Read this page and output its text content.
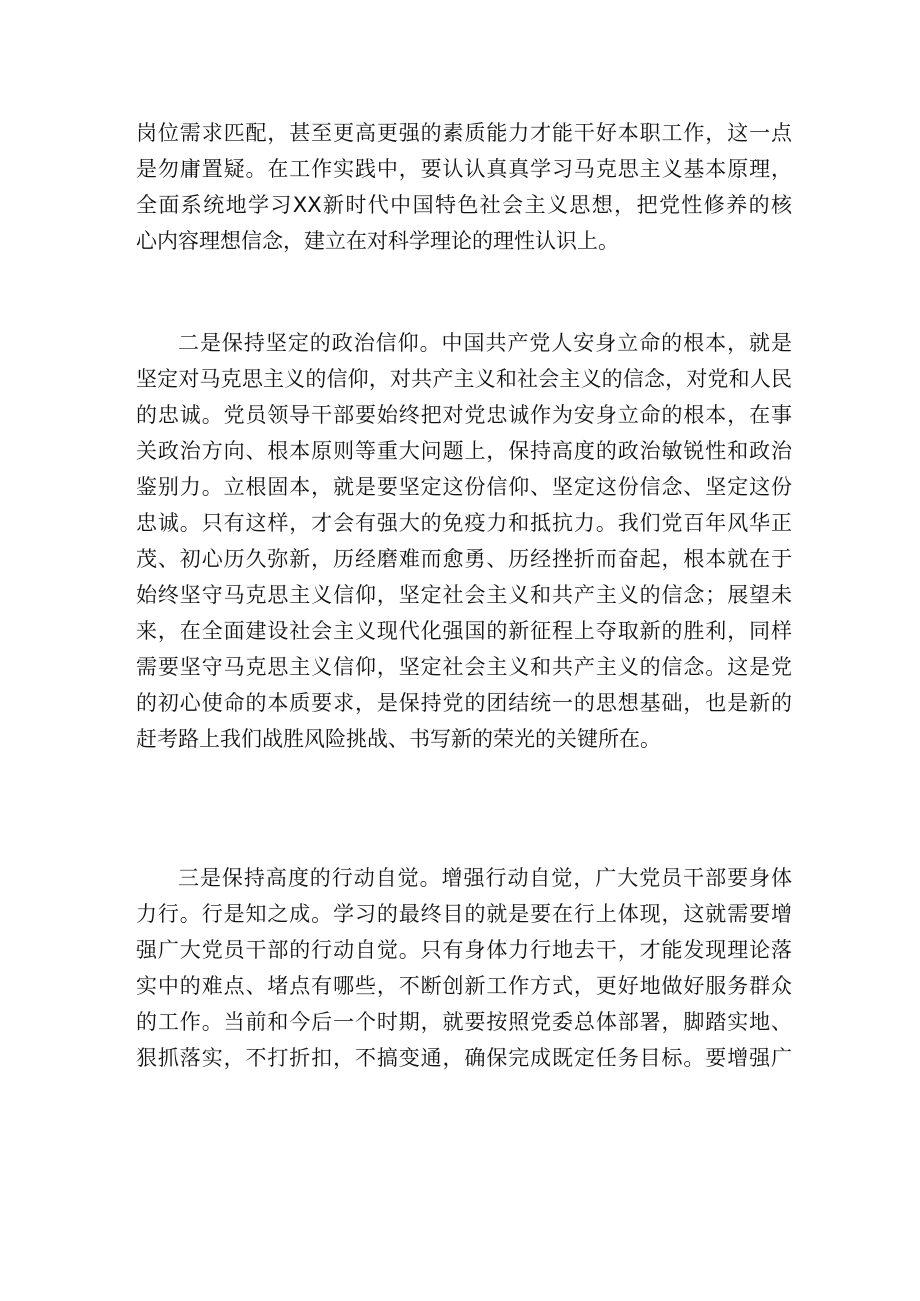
岗位需求匹配，甚至更高更强的素质能力才能干好本职工作，这一点
是勿庸置疑。在工作实践中，要认认真真学习马克思主义基本原理，
全面系统地学习XX新时代中国特色社会主义思想，把党性修养的核
心内容理想信念，建立在对科学理论的理性认识上。
二是保持坚定的政治信仰。中国共产党人安身立命的根本，就是
坚定对马克思主义的信仰，对共产主义和社会主义的信念，对党和人民
的忠诚。党员领导干部要始终把对党忠诚作为安身立命的根本，在事
关政治方向、根本原则等重大问题上，保持高度的政治敏锐性和政治
鉴别力。立根固本，就是要坚定这份信仰、坚定这份信念、坚定这份
忠诚。只有这样，才会有强大的免疫力和抵抗力。我们党百年风华正
茂、初心历久弥新，历经磨难而愈勇、历经挫折而奋起，根本就在于
始终坚守马克思主义信仰，坚定社会主义和共产主义的信念；展望未
来，在全面建设社会主义现代化强国的新征程上夺取新的胜利，同样
需要坚守马克思主义信仰，坚定社会主义和共产主义的信念。这是党
的初心使命的本质要求，是保持党的团结统一的思想基础，也是新的
赶考路上我们战胜风险挑战、书写新的荣光的关键所在。
三是保持高度的行动自觉。增强行动自觉，广大党员干部要身体
力行。行是知之成。学习的最终目的就是要在行上体现，这就需要增
强广大党员干部的行动自觉。只有身体力行地去干，才能发现理论落
实中的难点、堵点有哪些，不断创新工作方式，更好地做好服务群众
的工作。当前和今后一个时期，就要按照党委总体部署，脚踏实地、
狠抓落实，不打折扣，不搞变通，确保完成既定任务目标。要增强广
